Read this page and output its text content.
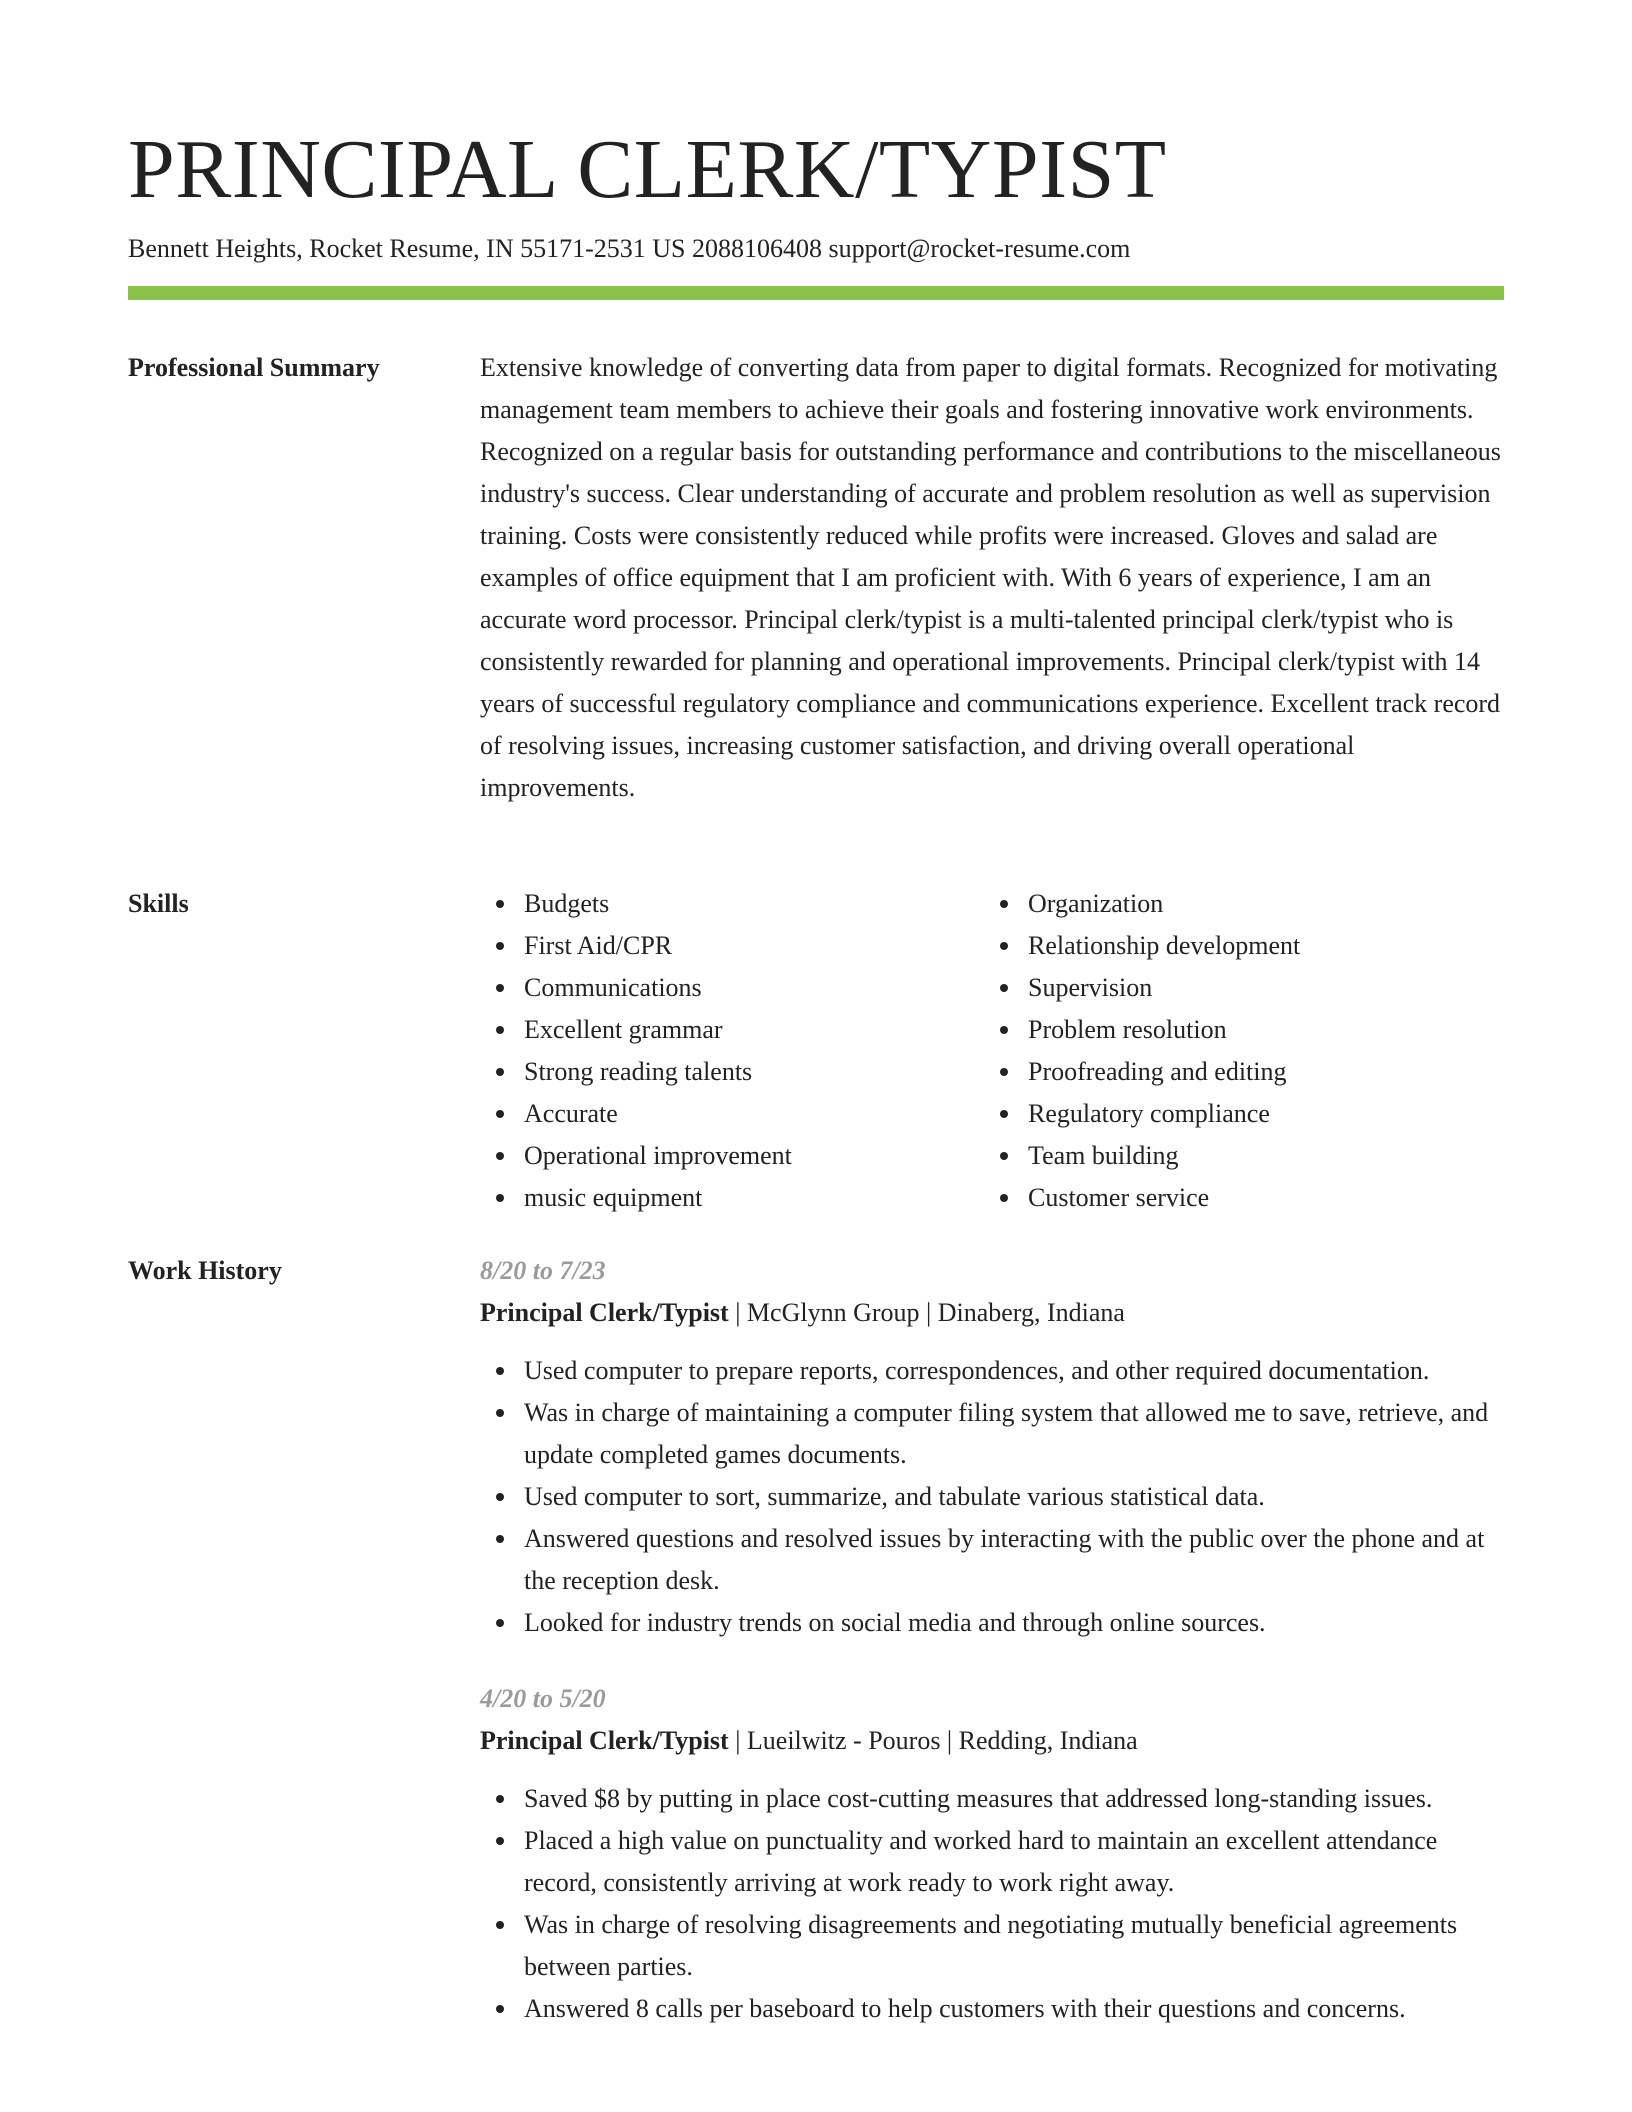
PRINCIPAL CLERK/TYPIST
Bennett Heights, Rocket Resume, IN 55171-2531 US 2088106408 support@rocket-resume.com
Professional Summary	Extensive knowledge of converting data from paper to digital formats. Recognized for motivating management team members to achieve their goals and fostering innovative work environments. Recognized on a regular basis for outstanding performance and contributions to the miscellaneous industry's success. Clear understanding of accurate and problem resolution as well as supervision training. Costs were consistently reduced while profits were increased. Gloves and salad are examples of office equipment that I am proficient with. With 6 years of experience, I am an accurate word processor. Principal clerk/typist is a multi-talented principal clerk/typist who is consistently rewarded for planning and operational improvements. Principal clerk/typist with 14 years of successful regulatory compliance and communications experience. Excellent track record of resolving issues, increasing customer satisfaction, and driving overall operational improvements.

Skills	Budgets
First Aid/CPR
Communications
Excellent grammar
Strong reading talents
Accurate
Operational improvement
music equipment
Organization
Relationship development
Supervision
Problem resolution
Proofreading and editing
Regulatory compliance
Team building
Customer service
Work History	8/20 to 7/23
Principal Clerk/Typist | McGlynn Group | Dinaberg, Indiana
Used computer to prepare reports, correspondences, and other required documentation.
Was in charge of maintaining a computer filing system that allowed me to save, retrieve, and update completed games documents.
Used computer to sort, summarize, and tabulate various statistical data.
Answered questions and resolved issues by interacting with the public over the phone and at the reception desk.
Looked for industry trends on social media and through online sources.
4/20 to 5/20
Principal Clerk/Typist | Lueilwitz - Pouros | Redding, Indiana
Saved $8 by putting in place cost-cutting measures that addressed long-standing issues.
Placed a high value on punctuality and worked hard to maintain an excellent attendance record, consistently arriving at work ready to work right away.
Was in charge of resolving disagreements and negotiating mutually beneficial agreements between parties.
Answered 8 calls per baseboard to help customers with their questions and concerns.
